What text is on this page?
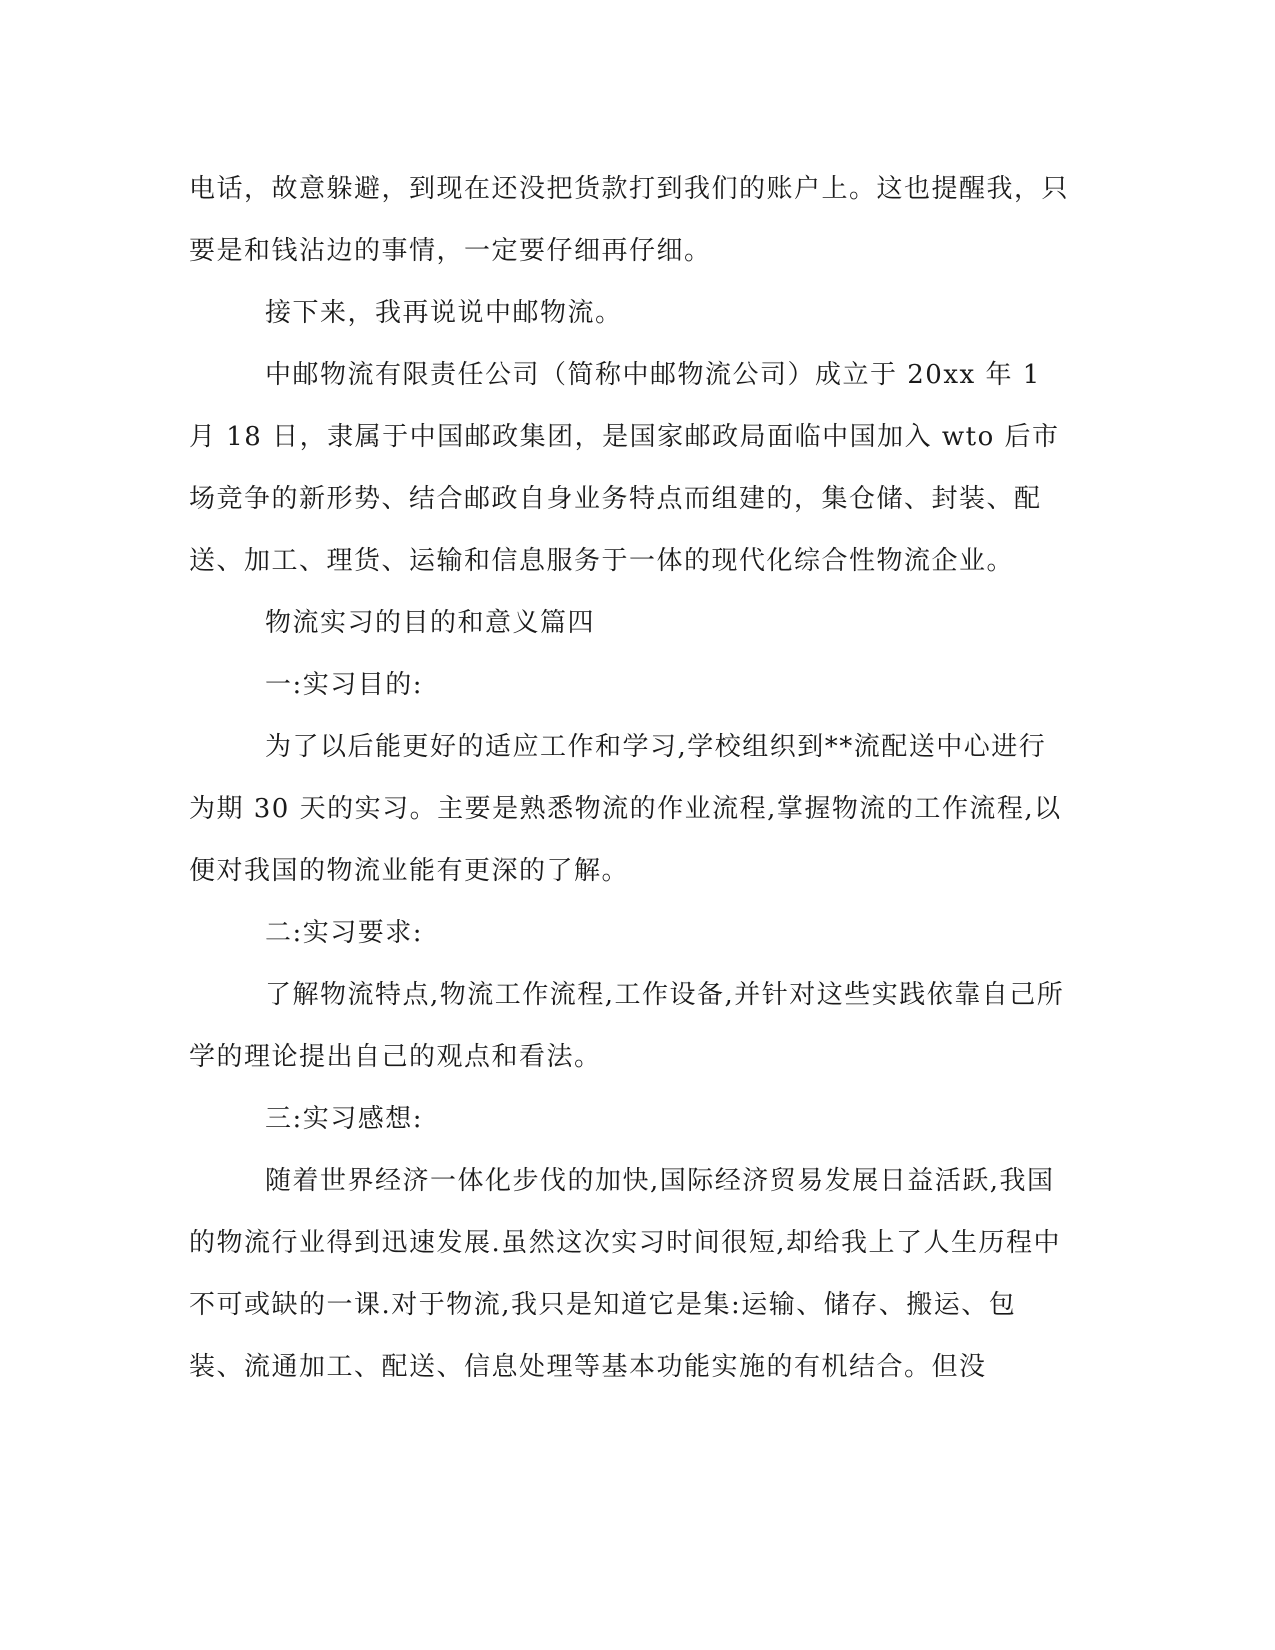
电话，故意躲避，到现在还没把货款打到我们的账户上。这也提醒我，只要是和钱沾边的事情，一定要仔细再仔细。

接下来，我再说说中邮物流。

中邮物流有限责任公司（简称中邮物流公司）成立于 20xx 年 1 月 18 日，隶属于中国邮政集团，是国家邮政局面临中国加入 wto 后市场竞争的新形势、结合邮政自身业务特点而组建的，集仓储、封装、配送、加工、理货、运输和信息服务于一体的现代化综合性物流企业。

物流实习的目的和意义篇四

一:实习目的:

为了以后能更好的适应工作和学习,学校组织到**流配送中心进行为期 30 天的实习。主要是熟悉物流的作业流程,掌握物流的工作流程,以便对我国的物流业能有更深的了解。

二:实习要求:

了解物流特点,物流工作流程,工作设备,并针对这些实践依靠自己所学的理论提出自己的观点和看法。

三:实习感想:

随着世界经济一体化步伐的加快,国际经济贸易发展日益活跃,我国的物流行业得到迅速发展.虽然这次实习时间很短,却给我上了人生历程中不可或缺的一课.对于物流,我只是知道它是集:运输、储存、搬运、包装、流通加工、配送、信息处理等基本功能实施的有机结合。但没
